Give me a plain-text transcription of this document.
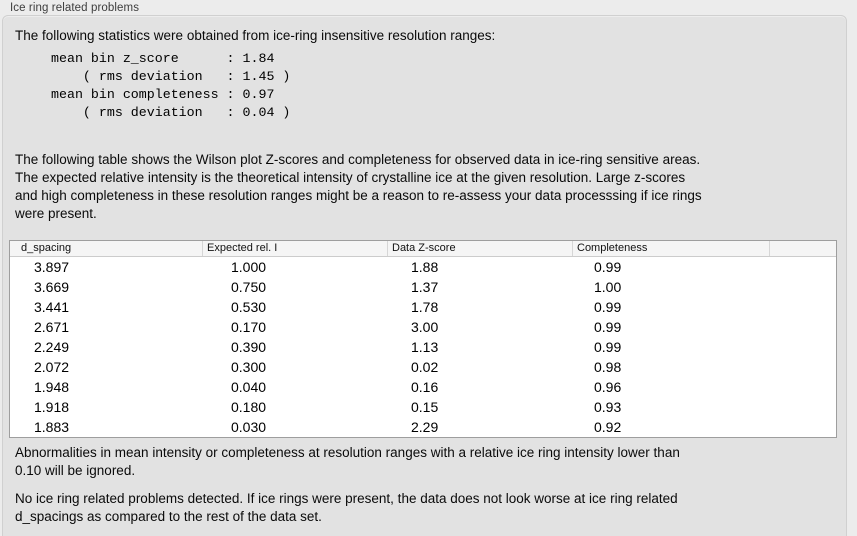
Ice ring related problems
The following statistics were obtained from ice-ring insensitive resolution ranges:
mean bin z_score      : 1.84
( rms deviation   : 1.45 )
mean bin completeness : 0.97
( rms deviation   : 0.04 )
The following table shows the Wilson plot Z-scores and completeness for observed data in ice-ring sensitive areas.
The expected relative intensity is the theoretical intensity of crystalline ice at the given resolution. Large z-scores
and high completeness in these resolution ranges might be a reason to re-assess your data processsing if ice rings
were present.
d_spacing	Expected rel. I	Data Z-score	Completeness
3.897	1.000	1.88	0.99
3.669	0.750	1.37	1.00
3.441	0.530	1.78	0.99
2.671	0.170	3.00	0.99
2.249	0.390	1.13	0.99
2.072	0.300	0.02	0.98
1.948	0.040	0.16	0.96
1.918	0.180	0.15	0.93
1.883	0.030	2.29	0.92
Abnormalities in mean intensity or completeness at resolution ranges with a relative ice ring intensity lower than
0.10 will be ignored.
No ice ring related problems detected. If ice rings were present, the data does not look worse at ice ring related
d_spacings as compared to the rest of the data set.
